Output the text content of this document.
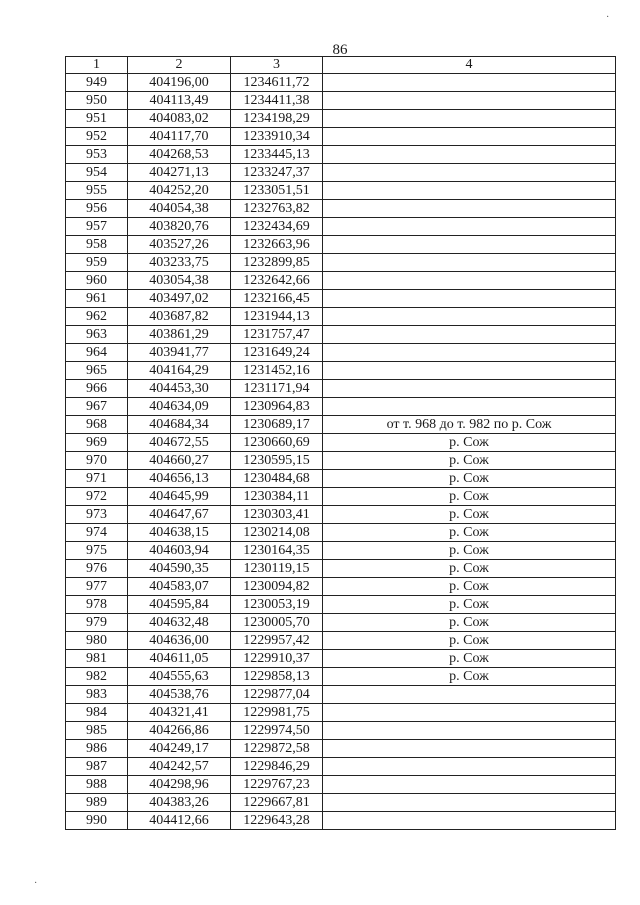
86
1	2	3	4
949	404196,00	1234611,72	
950	404113,49	1234411,38	
951	404083,02	1234198,29	
952	404117,70	1233910,34	
953	404268,53	1233445,13	
954	404271,13	1233247,37	
955	404252,20	1233051,51	
956	404054,38	1232763,82	
957	403820,76	1232434,69	
958	403527,26	1232663,96	
959	403233,75	1232899,85	
960	403054,38	1232642,66	
961	403497,02	1232166,45	
962	403687,82	1231944,13	
963	403861,29	1231757,47	
964	403941,77	1231649,24	
965	404164,29	1231452,16	
966	404453,30	1231171,94	
967	404634,09	1230964,83	
968	404684,34	1230689,17	от т. 968 до т. 982 по р. Сож
969	404672,55	1230660,69	р. Сож
970	404660,27	1230595,15	р. Сож
971	404656,13	1230484,68	р. Сож
972	404645,99	1230384,11	р. Сож
973	404647,67	1230303,41	р. Сож
974	404638,15	1230214,08	р. Сож
975	404603,94	1230164,35	р. Сож
976	404590,35	1230119,15	р. Сож
977	404583,07	1230094,82	р. Сож
978	404595,84	1230053,19	р. Сож
979	404632,48	1230005,70	р. Сож
980	404636,00	1229957,42	р. Сож
981	404611,05	1229910,37	р. Сож
982	404555,63	1229858,13	р. Сож
983	404538,76	1229877,04	
984	404321,41	1229981,75	
985	404266,86	1229974,50	
986	404249,17	1229872,58	
987	404242,57	1229846,29	
988	404298,96	1229767,23	
989	404383,26	1229667,81	
990	404412,66	1229643,28	
·
·
